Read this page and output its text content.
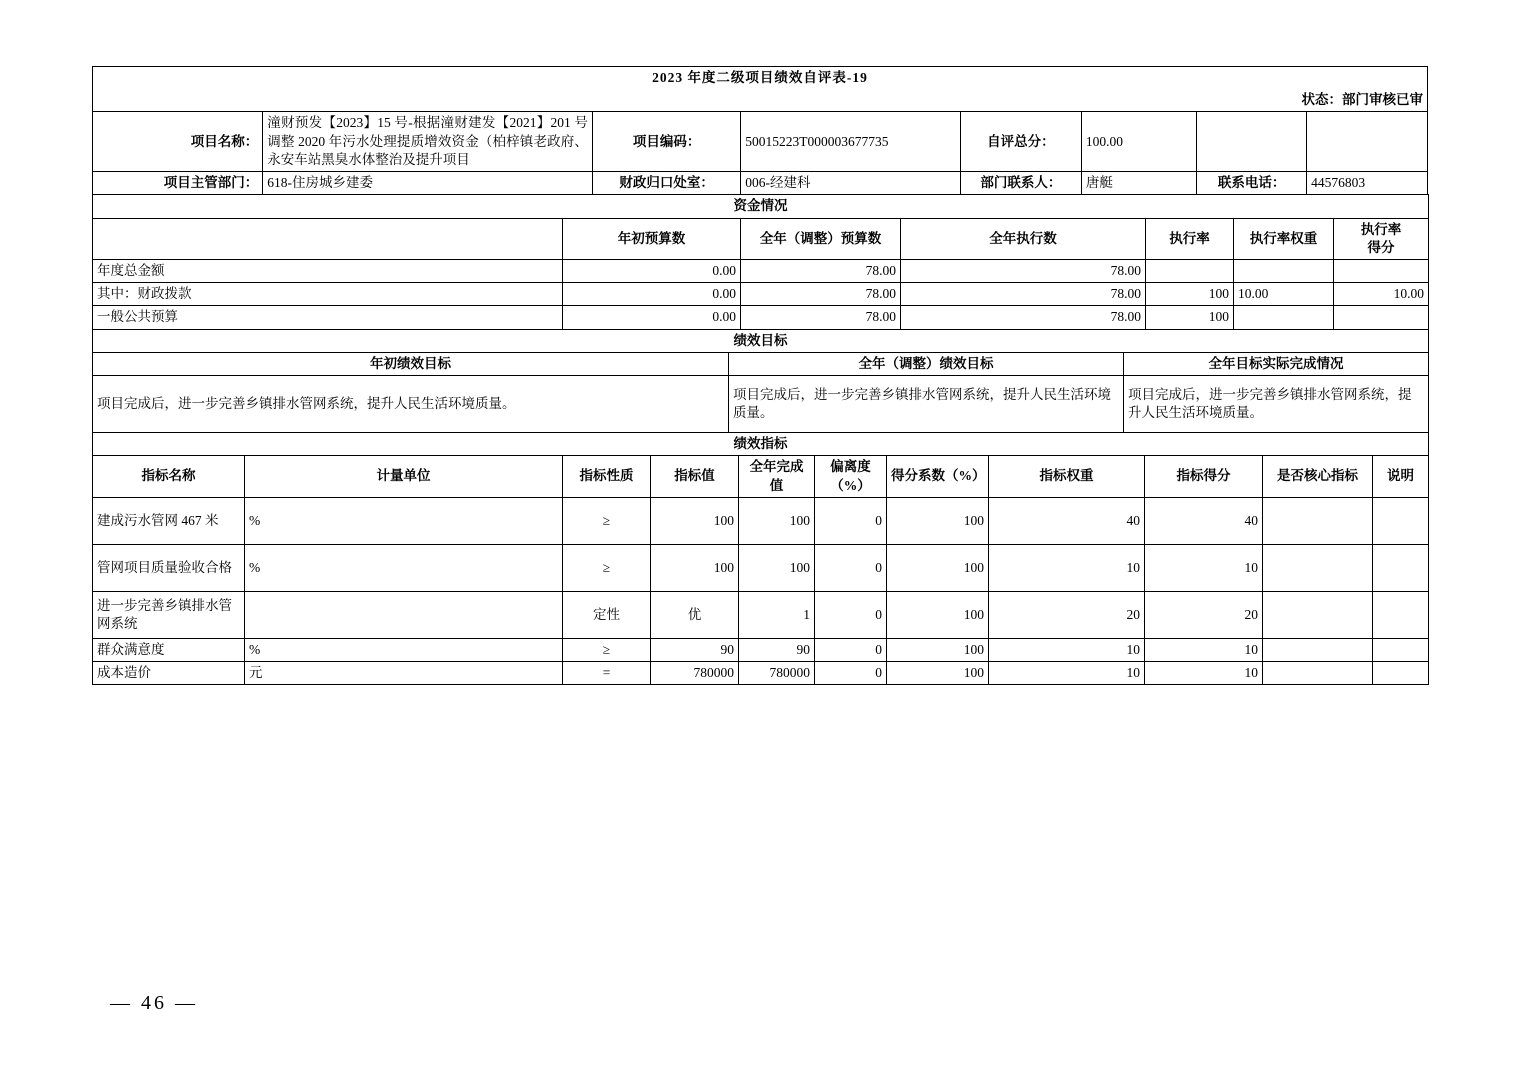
2023 年度二级项目绩效自评表-19							
状态：部门审核已审							
项目名称：	潼财预发【2023】15 号-根据潼财建发【2021】201 号调整 2020 年污水处理提质增效资金（柏梓镇老政府、永安车站黑臭水体整治及提升项目	项目编码：	50015223T000003677735	自评总分：	100.00		
项目主管部门：	618-住房城乡建委	财政归口处室：	006-经建科	部门联系人：	唐艇	联系电话：	44576803
资金情况						
	年初预算数	全年（调整）预算数	全年执行数	执行率	执行率权重	执行率
得分
年度总金额	0.00	78.00	78.00			
其中：财政拨款	0.00	78.00	78.00	100	10.00	10.00
一般公共预算	0.00	78.00	78.00	100		
绩效目标		
年初绩效目标	全年（调整）绩效目标	全年目标实际完成情况
项目完成后，进一步完善乡镇排水管网系统，提升人民生活环境质量。	项目完成后，进一步完善乡镇排水管网系统，提升人民生活环境质量。	项目完成后，进一步完善乡镇排水管网系统，提升人民生活环境质量。
绩效指标										
指标名称	计量单位	指标性质	指标值	全年完成
值	偏离度
（%）	得分系数（%）	指标权重	指标得分	是否核心指标	说明
建成污水管网 467 米	%	≥	100	100	0	100	40	40		
管网项目质量验收合格	%	≥	100	100	0	100	10	10		
进一步完善乡镇排水管网系统		定性	优	1	0	100	20	20		
群众满意度	%	≥	90	90	0	100	10	10		
成本造价	元	=	780000	780000	0	100	10	10		
— 46 —
